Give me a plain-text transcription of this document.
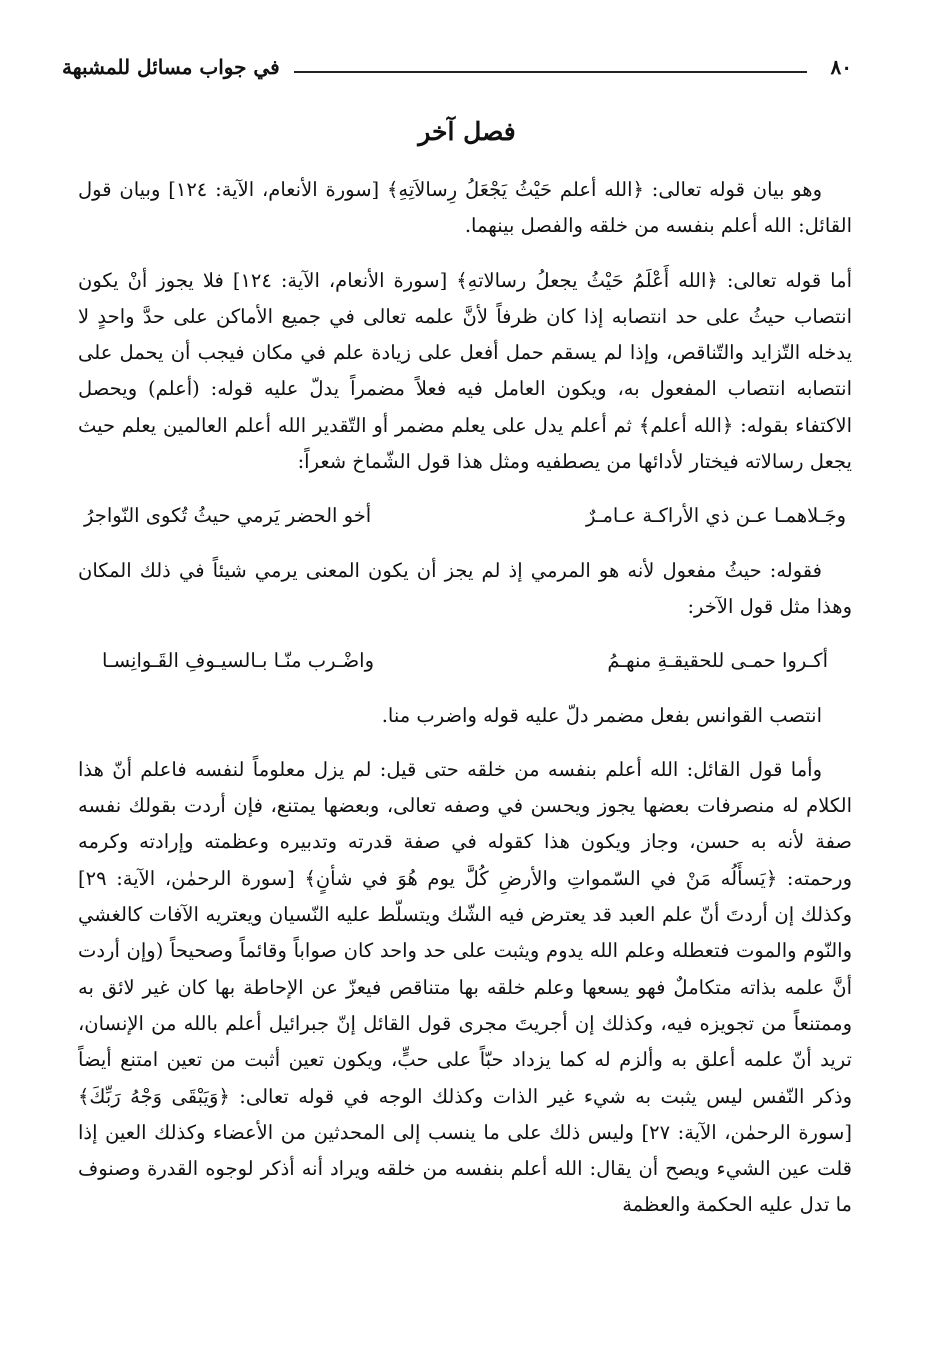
٨٠
في جواب مسائل للمشبهة
فصل آخر

وهو بيان قوله تعالى: ﴿الله أعلم حَيْثُ يَجْعَلُ رِسالاَتِهِ﴾ [سورة الأنعام، الآية: ١٢٤] وبيان قول القائل: الله أعلم بنفسه من خلقه والفصل بينهما.

أما قوله تعالى: ﴿الله أَعْلَمُ حَيْثُ يجعلُ رسالاتهِ﴾ [سورة الأنعام، الآية: ١٢٤] فلا يجوز أنْ يكون انتصاب حيثُ على حد انتصابه إذا كان ظرفاً لأنَّ علمه تعالى في جميع الأماكن على حدَّ واحدٍ لا يدخله التّزايد والتّناقص، وإذا لم يسقم حمل أفعل على زيادة علم في مكان فيجب أن يحمل على انتصابه انتصاب المفعول به، ويكون العامل فيه فعلاً مضمراً يدلّ عليه قوله: (أعلم) ويحصل الاكتفاء بقوله: ﴿الله أعلم﴾ ثم أعلم يدل على يعلم مضمر أو التّقدير الله أعلم العالمين يعلم حيث يجعل رسالاته فيختار لأدائها من يصطفيه ومثل هذا قول الشّماخ شعراً:

وجَـلاهمـا عـن ذي الأراكـة عـامـرٌ
أخو الحضر يَرمي حيثُ تُكوى النّواجرُ

فقوله: حيثُ مفعول لأنه هو المرمي إذ لم يجز أن يكون المعنى يرمي شيئاً في ذلك المكان وهذا مثل قول الآخر:

أكـروا حمـى للحقيقـةِ منهـمُ
واضْـرب منّـا بـالسيـوفِ القَـوانِسـا

انتصب القوانس بفعل مضمر دلّ عليه قوله واضرب منا.

وأما قول القائل: الله أعلم بنفسه من خلقه حتى قيل: لم يزل معلوماً لنفسه فاعلم أنّ هذا الكلام له منصرفات بعضها يجوز ويحسن في وصفه تعالى، وبعضها يمتنع، فإن أردت بقولك نفسه صفة لأنه به حسن، وجاز ويكون هذا كقوله في صفة قدرته وتدبيره وعظمته وإرادته وكرمه ورحمته: ﴿يَسأَلُه مَنْ في السّمواتِ والأرضِ كُلَّ يوم هُوَ في شأنٍ﴾ [سورة الرحمٰن، الآية: ٢٩] وكذلك إن أردتَ أنّ علم العبد قد يعترض فيه الشّك ويتسلّط عليه النّسيان ويعتريه الآفات كالغشي والنّوم والموت فتعطله وعلم الله يدوم ويثبت على حد واحد كان صواباً وقائماً وصحيحاً (وإن أردت أنَّ علمه بذاته متكاملٌ فهو يسعها وعلم خلقه بها متناقص فيعزّ عن الإحاطة بها كان غير لائق به وممتنعاً من تجويزه فيه، وكذلك إن أجريتَ مجرى قول القائل إنّ جبرائيل أعلم بالله من الإنسان، تريد أنّ علمه أعلق به وألزم له كما يزداد حبّاً على حبٍّ، ويكون تعين أثبت من تعين امتنع أيضاً وذكر النّفس ليس يثبت به شيء غير الذات وكذلك الوجه في قوله تعالى: ﴿وَيَبْقَى وَجْهُ رَبِّكَ﴾ [سورة الرحمٰن، الآية: ٢٧] وليس ذلك على ما ينسب إلى المحدثين من الأعضاء وكذلك العين إذا قلت عين الشيء ويصح أن يقال: الله أعلم بنفسه من خلقه ويراد أنه أذكر لوجوه القدرة وصنوف ما تدل عليه الحكمة والعظمة
